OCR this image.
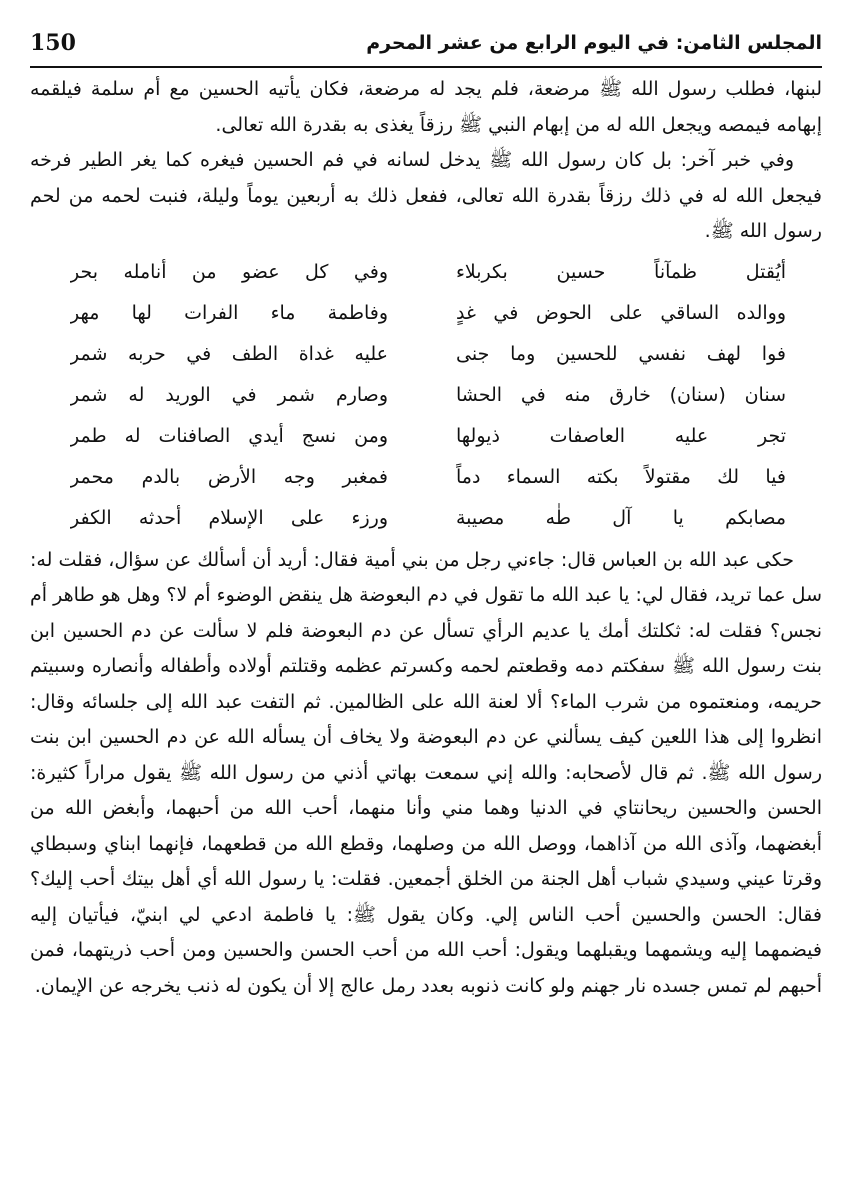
المجلس الثامن: في اليوم الرابع من عشر المحرم
150

لبنها، فطلب رسول الله ﷺ مرضعة، فلم يجد له مرضعة، فكان يأتيه الحسين مع أم سلمة فيلقمه إبهامه فيمصه ويجعل الله له من إبهام النبي ﷺ رزقاً يغذى به بقدرة الله تعالى.

وفي خبر آخر: بل كان رسول الله ﷺ يدخل لسانه في فم الحسين فيغره كما يغر الطير فرخه فيجعل الله له في ذلك رزقاً بقدرة الله تعالى، ففعل ذلك به أربعين يوماً وليلة، فنبت لحمه من لحم رسول الله ﷺ.

أيُقتل ظمآناً حسين بكربلاء
وفي كل عضو من أنامله بحر
ووالده الساقي على الحوض في غدٍ
وفاطمة ماء الفرات لها مهر
فوا لهف نفسي للحسين وما جنى
عليه غداة الطف في حربه شمر
سنان (سنان) خارق منه في الحشا
وصارم شمر في الوريد له شمر
تجر عليه العاصفات ذيولها
ومن نسج أيدي الصافنات له طمر
فيا لك مقتولاً بكته السماء دماً
فمغبر وجه الأرض بالدم محمر
مصابكم يا آل طٰه مصيبة
ورزء على الإسلام أحدثه الكفر

حكى عبد الله بن العباس قال: جاءني رجل من بني أمية فقال: أريد أن أسألك عن سؤال، فقلت له: سل عما تريد، فقال لي: يا عبد الله ما تقول في دم البعوضة هل ينقض الوضوء أم لا؟ وهل هو طاهر أم نجس؟ فقلت له: ثكلتك أمك يا عديم الرأي تسأل عن دم البعوضة فلم لا سألت عن دم الحسين ابن بنت رسول الله ﷺ سفكتم دمه وقطعتم لحمه وكسرتم عظمه وقتلتم أولاده وأطفاله وأنصاره وسبيتم حريمه، ومنعتموه من شرب الماء؟ ألا لعنة الله على الظالمين. ثم التفت عبد الله إلى جلسائه وقال: انظروا إلى هذا اللعين كيف يسألني عن دم البعوضة ولا يخاف أن يسأله الله عن دم الحسين ابن بنت رسول الله ﷺ. ثم قال لأصحابه: والله إني سمعت بهاتي أذني من رسول الله ﷺ يقول مراراً كثيرة: الحسن والحسين ريحانتاي في الدنيا وهما مني وأنا منهما، أحب الله من أحبهما، وأبغض الله من أبغضهما، وآذى الله من آذاهما، ووصل الله من وصلهما، وقطع الله من قطعهما، فإنهما ابناي وسبطاي وقرتا عيني وسيدي شباب أهل الجنة من الخلق أجمعين. فقلت: يا رسول الله أي أهل بيتك أحب إليك؟ فقال: الحسن والحسين أحب الناس إلي. وكان يقول ﷺ: يا فاطمة ادعي لي ابنيّ، فيأتيان إليه فيضمهما إليه ويشمهما ويقبلهما ويقول: أحب الله من أحب الحسن والحسين ومن أحب ذريتهما، فمن أحبهم لم تمس جسده نار جهنم ولو كانت ذنوبه بعدد رمل عالج إلا أن يكون له ذنب يخرجه عن الإيمان.
